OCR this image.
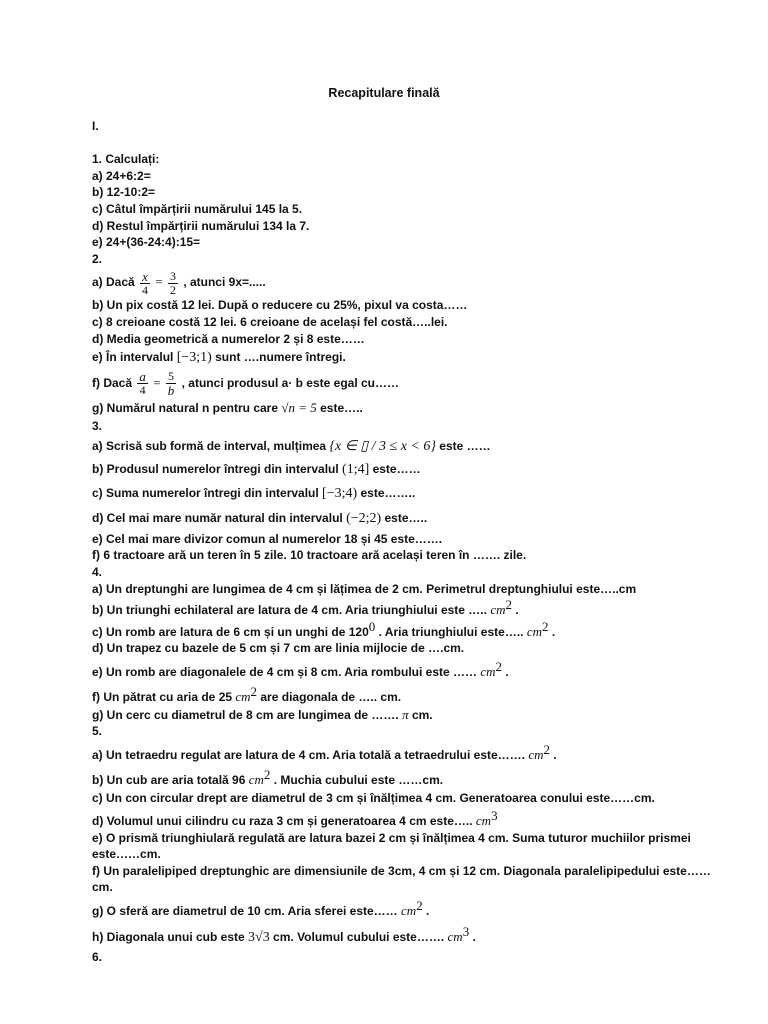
Recapitulare finală
I.
1. Calculați:
a) 24+6:2=
b) 12-10:2=
c) Câtul împărțirii numărului 145 la 5.
d) Restul împărțirii numărului 134 la 7.
e) 24+(36-24:4):15=
2.
a) Dacă $\frac{x}{4} = \frac{3}{2}$ , atunci 9x=.....
b) Un pix costă 12 lei. După o reducere cu 25%, pixul va costa……
c) 8 creioane costă 12 lei. 6 creioane de același fel costă…..lei.
d) Media geometrică a numerelor 2 și 8 este……
e) În intervalul [−3;1) sunt ….numere întregi.
f) Dacă $\frac{a}{4} = \frac{5}{b}$ , atunci produsul a· b este egal cu……
g) Numărul natural n pentru care √n = 5 este…..
3.
a) Scrisă sub formă de interval, mulțimea {x ∈ ▯ / 3 ≤ x < 6} este ……
b) Produsul numerelor întregi din intervalul (1;4] este……
c) Suma numerelor întregi din intervalul [−3;4) este……..
d) Cel mai mare număr natural din intervalul (−2;2) este…..
e) Cel mai mare divizor comun al numerelor 18 și 45 este…….
f) 6 tractoare ară un teren în 5 zile. 10 tractoare ară același teren în ……. zile.
4.
a) Un dreptunghi are lungimea de 4 cm și lățimea de 2 cm. Perimetrul dreptunghiului este…..cm
b) Un triunghi echilateral are latura de 4 cm. Aria triunghiului este ….. $cm^2$ .
c) Un romb are latura de 6 cm și un unghi de $120^0$ . Aria triunghiului este….. $cm^2$ .
d) Un trapez cu bazele de 5 cm și 7 cm are linia mijlocie de ….cm.
e) Un romb are diagonalele de 4 cm și 8 cm. Aria rombului este …… $cm^2$ .
f) Un pătrat cu aria de 25 $cm^2$ are diagonala de ….. cm.
g) Un cerc cu diametrul de 8 cm are lungimea de ……. π cm.
5.
a) Un tetraedru regulat are latura de 4 cm. Aria totală a tetraedrului este……. $cm^2$ .
b) Un cub are aria totală 96 $cm^2$ . Muchia cubului este ……cm.
c) Un con circular drept are diametrul de 3 cm și înălțimea 4 cm. Generatoarea conului este……cm.
d) Volumul unui cilindru cu raza 3 cm și generatoarea 4 cm este….. $cm^3$
e) O prismă triunghiulară regulată are latura bazei 2 cm și înălțimea 4 cm. Suma tuturor muchiilor prismei este……cm.
f) Un paralelipiped dreptunghic are dimensiunile de 3cm, 4 cm și 12 cm. Diagonala paralelipipedului este……cm.
g) O sferă are diametrul de 10 cm. Aria sferei este…… $cm^2$ .
h) Diagonala unui cub este 3√3 cm. Volumul cubului este……. $cm^3$ .
6.
